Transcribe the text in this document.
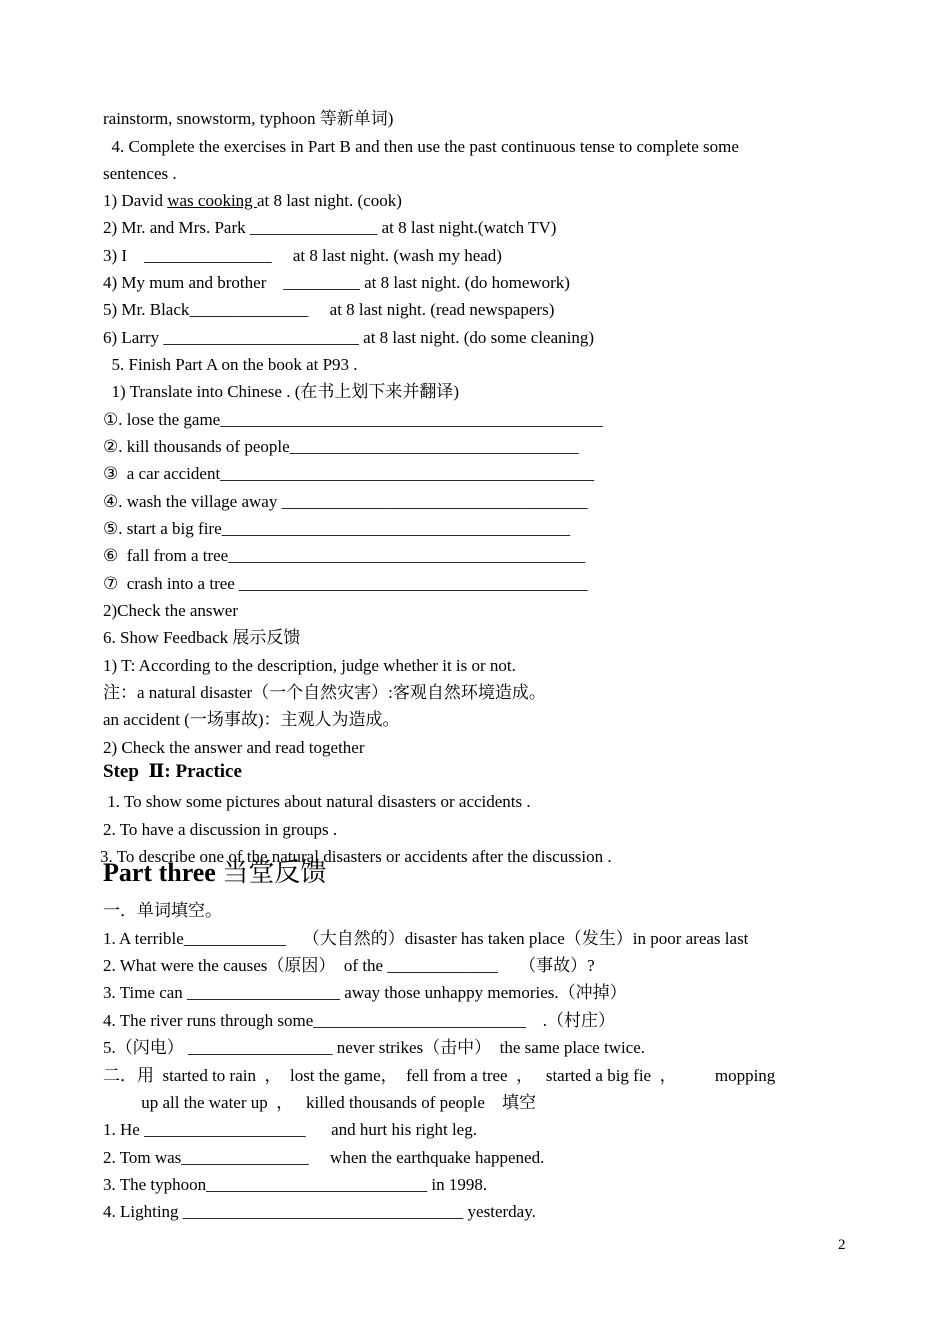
rainstorm, snowstorm, typhoon 等新单词)
4. Complete the exercises in Part B and then use the past continuous tense to complete some
sentences .
1) David was cooking at 8 last night. (cook)
2) Mr. and Mrs. Park _______________ at 8 last night.(watch TV)
3) I    _______________     at 8 last night. (wash my head)
4) My mum and brother    _________ at 8 last night. (do homework)
5) Mr. Black______________     at 8 last night. (read newspapers)
6) Larry _______________________ at 8 last night. (do some cleaning)
5. Finish Part A on the book at P93 .
1) Translate into Chinese . (在书上划下来并翻译)
①. lose the game_____________________________________________
②. kill thousands of people__________________________________
③  a car accident____________________________________________
④. wash the village away ____________________________________
⑤. start a big fire_________________________________________
⑥  fall from a tree__________________________________________
⑦  crash into a tree _________________________________________
2)Check the answer
6. Show Feedback 展示反馈
1) T: According to the description, judge whether it is or not.
注：a natural disaster（一个自然灾害）:客观自然环境造成。
an accident (一场事故)：主观人为造成。
2) Check the answer and read together
Step  Ⅱ: Practice
1. To show some pictures about natural disasters or accidents .
2. To have a discussion in groups .
3. To describe one of the natural disasters or accidents after the discussion .
Part three 当堂反馈
一．单词填空。
1. A terrible____________    （大自然的）disaster has taken place（发生）in poor areas last
2. What were the causes（原因）  of the _____________     （事故）?
3. Time can __________________ away those unhappy memories.（冲掉）
4. The river runs through some_________________________    .（村庄）
5.（闪电） _________________ never strikes（击中）  the same place twice.
二．用  started to rain  ，  lost the game，  fell from a tree  ，   started a big fie  ，         mopping
up all the water up  ，   killed thousands of people    填空
1. He ___________________      and hurt his right leg.
2. Tom was_______________     when the earthquake happened.
3. The typhoon__________________________ in 1998.
4. Lighting _________________________________ yesterday.
2
